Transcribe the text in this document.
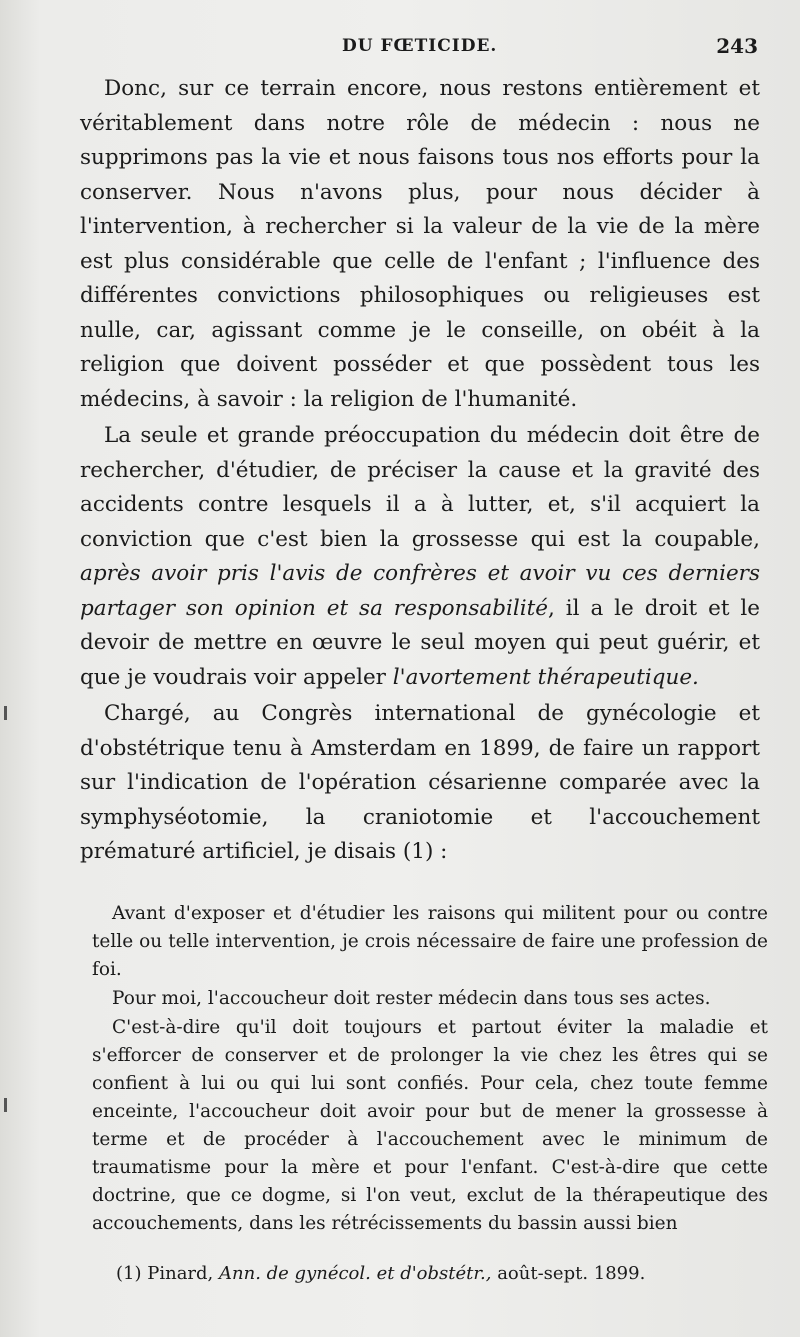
DU FŒTICIDE.	243

Donc, sur ce terrain encore, nous restons entièrement et véritablement dans notre rôle de médecin : nous ne supprimons pas la vie et nous faisons tous nos efforts pour la conserver. Nous n'avons plus, pour nous décider à l'intervention, à rechercher si la valeur de la vie de la mère est plus considérable que celle de l'enfant ; l'influence des différentes convictions philosophiques ou religieuses est nulle, car, agissant comme je le conseille, on obéit à la religion que doivent posséder et que possèdent tous les médecins, à savoir : la religion de l'humanité.

La seule et grande préoccupation du médecin doit être de rechercher, d'étudier, de préciser la cause et la gravité des accidents contre lesquels il a à lutter, et, s'il acquiert la conviction que c'est bien la grossesse qui est la coupable, après avoir pris l'avis de confrères et avoir vu ces derniers partager son opinion et sa responsabilité, il a le droit et le devoir de mettre en œuvre le seul moyen qui peut guérir, et que je voudrais voir appeler l'avortement thérapeutique.

Chargé, au Congrès international de gynécologie et d'obstétrique tenu à Amsterdam en 1899, de faire un rapport sur l'indication de l'opération césarienne comparée avec la symphyséotomie, la craniotomie et l'accouchement prématuré artificiel, je disais (1) :

Avant d'exposer et d'étudier les raisons qui militent pour ou contre telle ou telle intervention, je crois nécessaire de faire une profession de foi.

Pour moi, l'accoucheur doit rester médecin dans tous ses actes.

C'est-à-dire qu'il doit toujours et partout éviter la maladie et s'efforcer de conserver et de prolonger la vie chez les êtres qui se confient à lui ou qui lui sont confiés. Pour cela, chez toute femme enceinte, l'accoucheur doit avoir pour but de mener la grossesse à terme et de procéder à l'accouchement avec le minimum de traumatisme pour la mère et pour l'enfant. C'est-à-dire que cette doctrine, que ce dogme, si l'on veut, exclut de la thérapeutique des accouchements, dans les rétrécissements du bassin aussi bien

(1) Pinard, Ann. de gynécol. et d'obstétr., août-sept. 1899.
